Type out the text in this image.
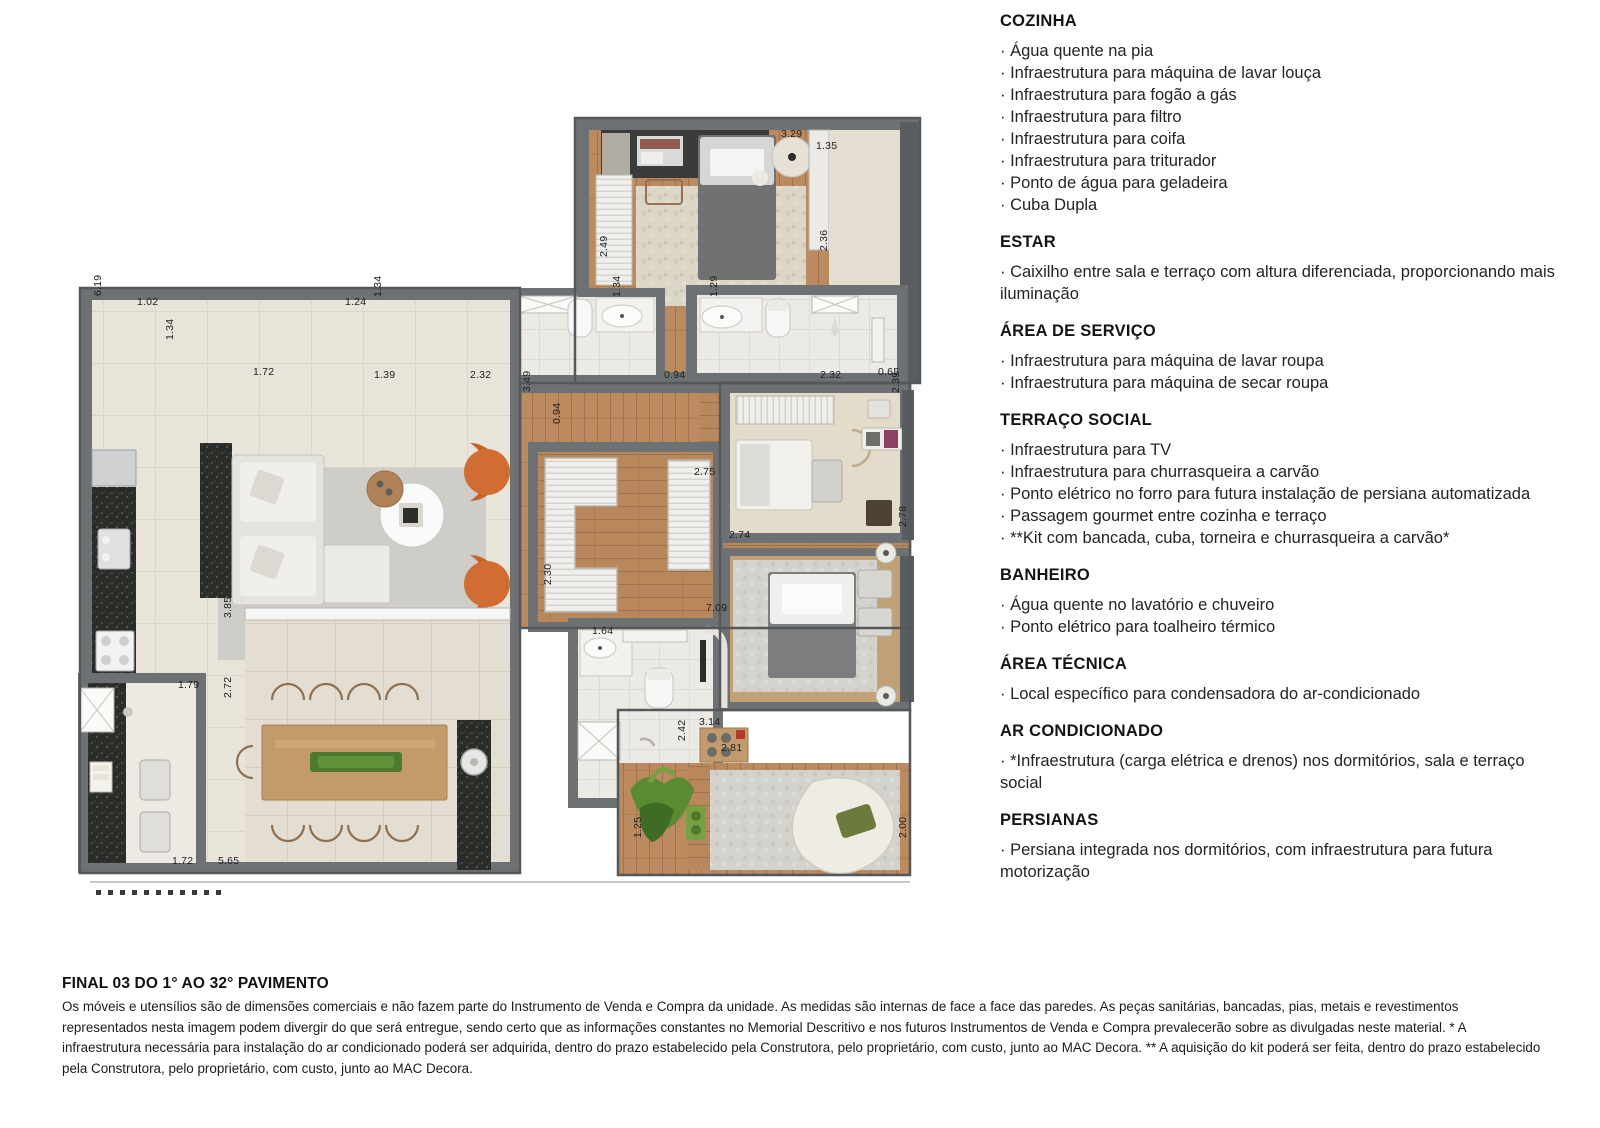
6.19
1.02
1.34
1.72
1.24
1.34
1.39	2.32
1.34
3.29
1.35
2.49	2.36
1.29
0.94	2.32	0.65
3.49
0.94
2.39
2.75
2.74
2.78
2.30
7.09
3.85
1.79 2.72
1.64
3.14
2.42
2.81
1.25	2.00
1.72 5.65
COZINHA
· Água quente na pia
· Infraestrutura para máquina de lavar louça
· Infraestrutura para fogão a gás
· Infraestrutura para filtro
· Infraestrutura para coifa
· Infraestrutura para triturador
· Ponto de água para geladeira
· Cuba Dupla
ESTAR
· Caixilho entre sala e terraço com altura diferenciada, proporcionando mais iluminação
ÁREA DE SERVIÇO
· Infraestrutura para máquina de lavar roupa
· Infraestrutura para máquina de secar roupa
TERRAÇO SOCIAL
· Infraestrutura para TV
· Infraestrutura para churrasqueira a carvão
· Ponto elétrico no forro para futura instalação de persiana automatizada
· Passagem gourmet entre cozinha e terraço
· **Kit com bancada, cuba, torneira e churrasqueira a carvão*
BANHEIRO
· Água quente no lavatório e chuveiro
· Ponto elétrico para toalheiro térmico
ÁREA TÉCNICA
· Local específico para condensadora do ar-condicionado
AR CONDICIONADO
· *Infraestrutura (carga elétrica e drenos) nos dormitórios, sala e terraço social
PERSIANAS
· Persiana integrada nos dormitórios, com infraestrutura para futura motorização
FINAL 03 DO 1° AO 32° PAVIMENTO
Os móveis e utensílios são de dimensões comerciais e não fazem parte do Instrumento de Venda e Compra da unidade. As medidas são internas de face a face das paredes. As peças sanitárias, bancadas, pias, metais e revestimentos representados nesta imagem podem divergir do que será entregue, sendo certo que as informações constantes no Memorial Descritivo e nos futuros Instrumentos de Venda e Compra prevalecerão sobre as divulgadas neste material. * A infraestrutura necessária para instalação do ar condicionado poderá ser adquirida, dentro do prazo estabelecido pela Construtora, pelo proprietário, com custo, junto ao MAC Decora. ** A aquisição do kit poderá ser feita, dentro do prazo estabelecido pela Construtora, pelo proprietário, com custo, junto ao MAC Decora.
